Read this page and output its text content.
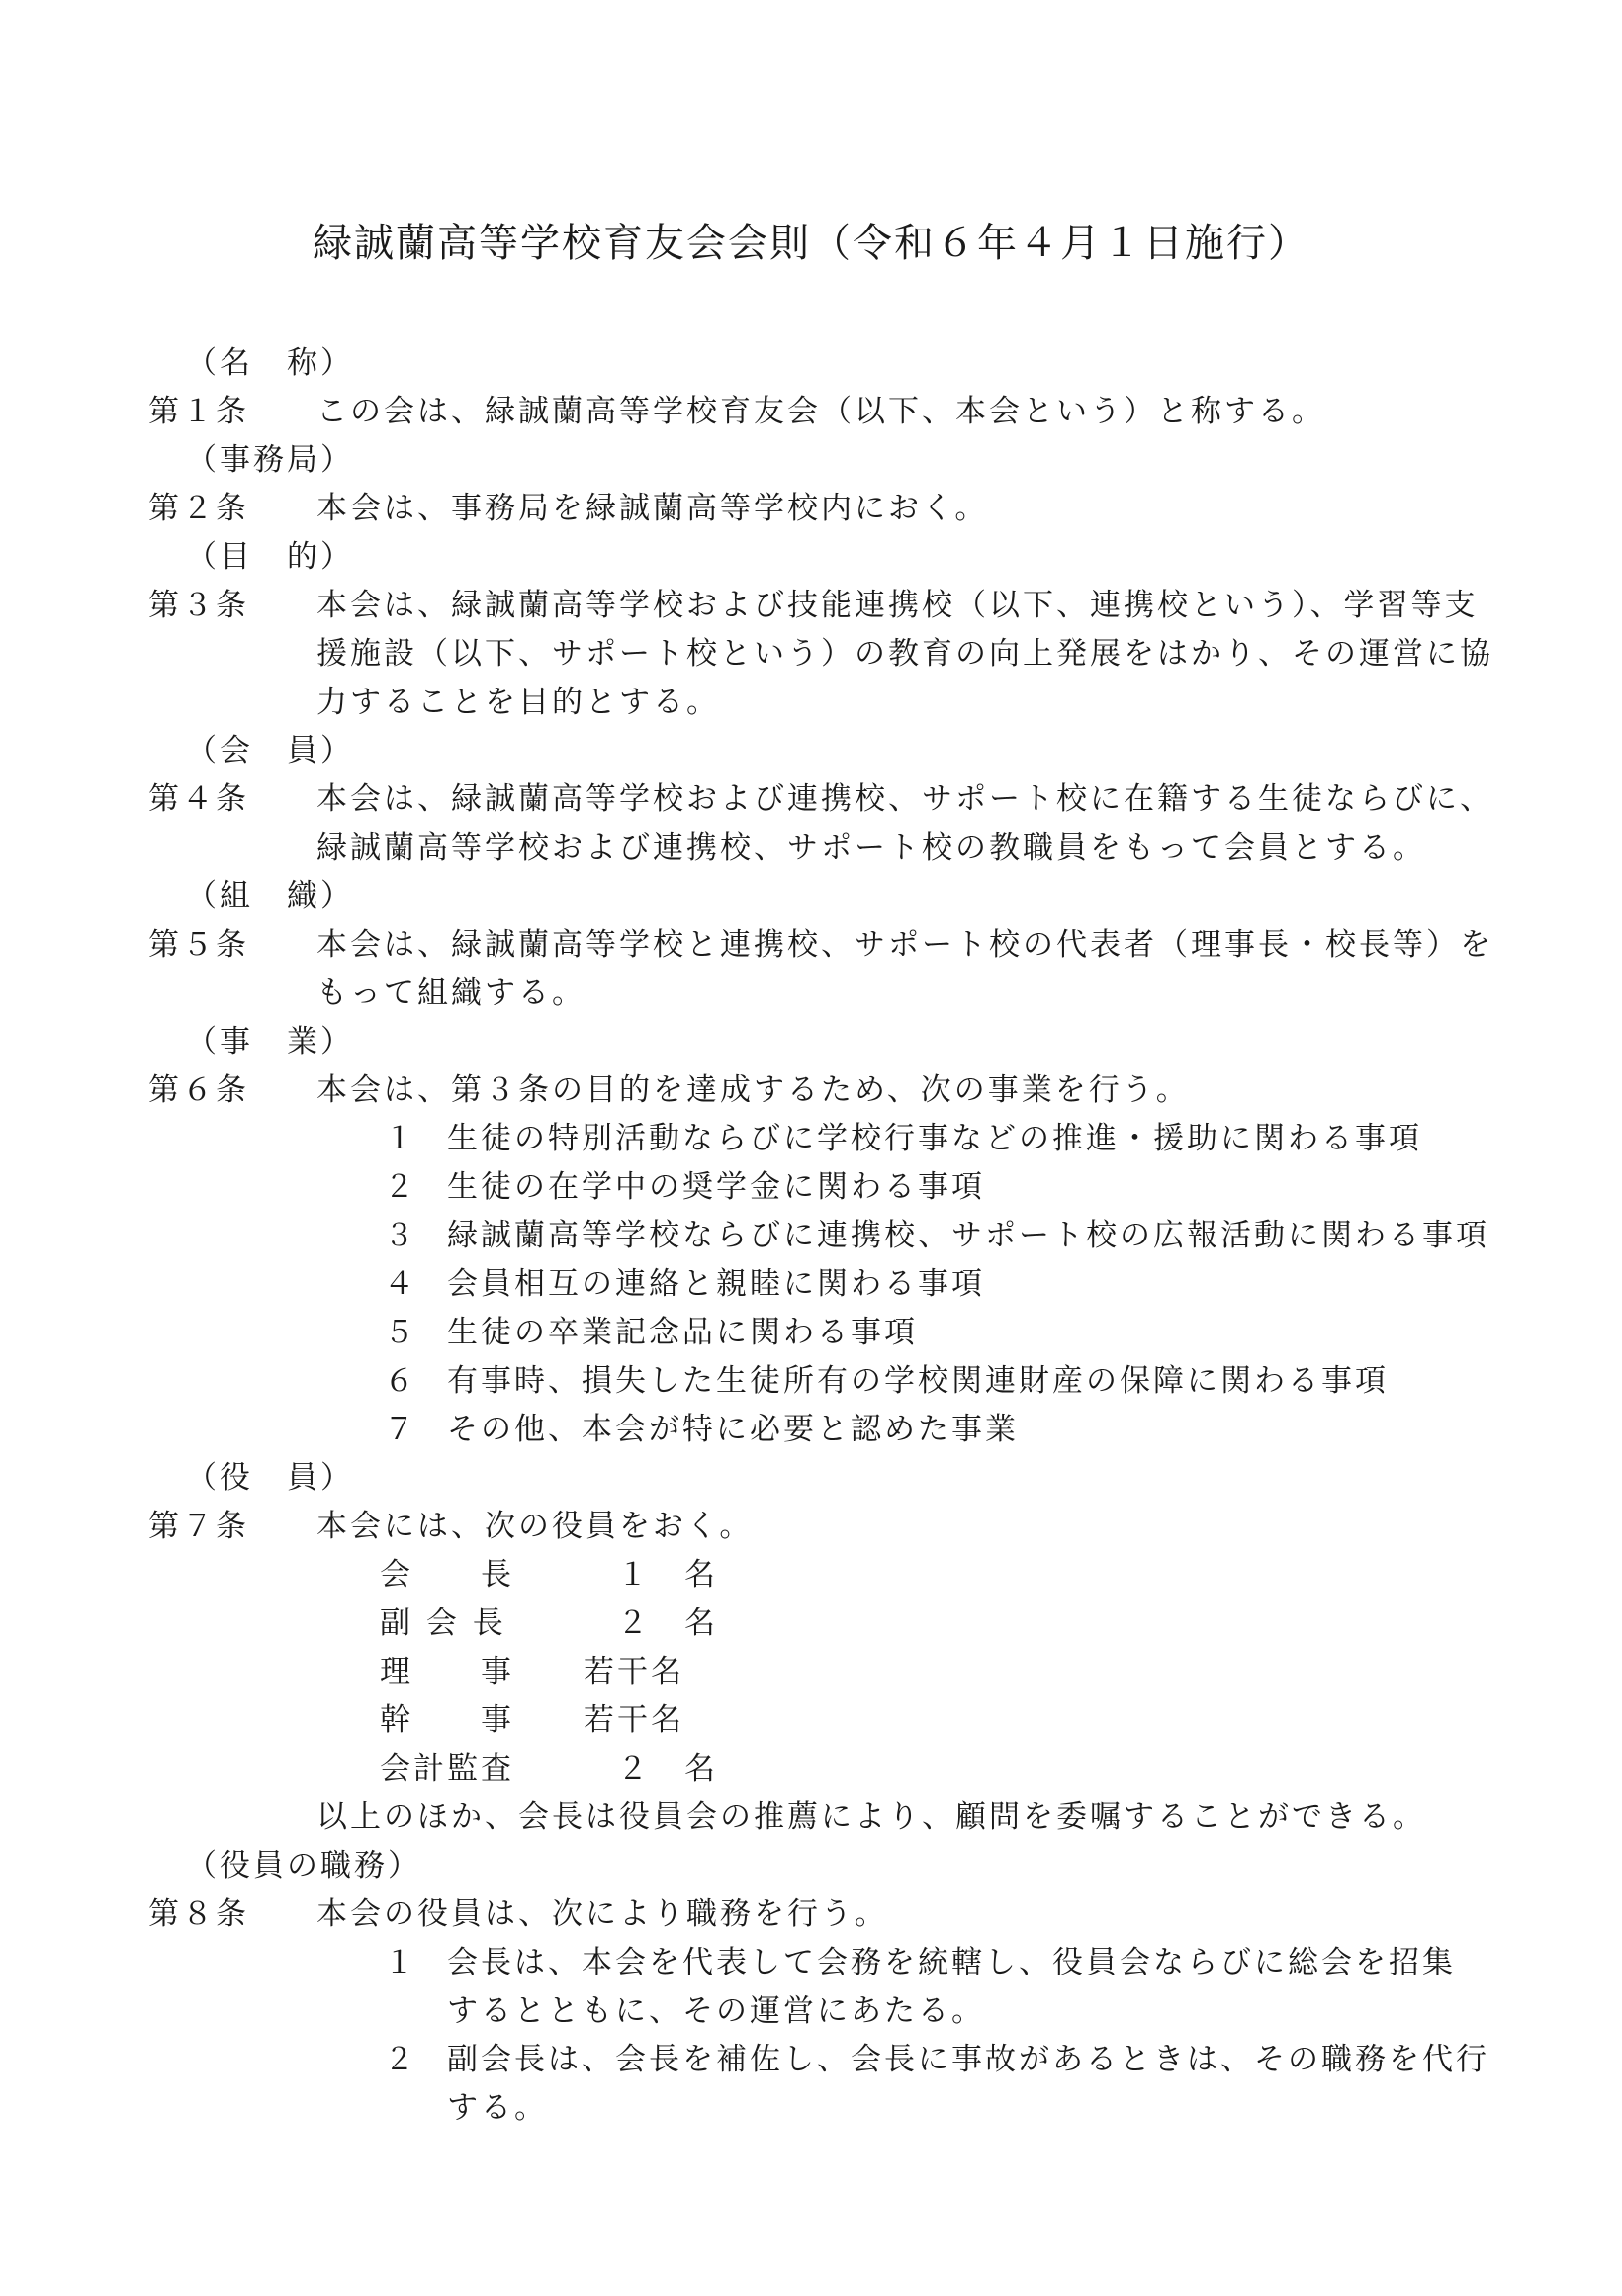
緑誠蘭高等学校育友会会則（令和６年４月１日施行）
（名　称）
第１条 この会は、緑誠蘭高等学校育友会（以下、本会という）と称する。
（事務局）
第２条 本会は、事務局を緑誠蘭高等学校内におく。
（目　的）
第３条 本会は、緑誠蘭高等学校および技能連携校（以下、連携校という）、学習等支
援施設（以下、サポート校という）の教育の向上発展をはかり、その運営に協
力することを目的とする。
（会　員）
第４条 本会は、緑誠蘭高等学校および連携校、サポート校に在籍する生徒ならびに、
緑誠蘭高等学校および連携校、サポート校の教職員をもって会員とする。
（組　織）
第５条 本会は、緑誠蘭高等学校と連携校、サポート校の代表者（理事長・校長等）を
もって組織する。
（事　業）
第６条 本会は、第３条の目的を達成するため、次の事業を行う。
１ 生徒の特別活動ならびに学校行事などの推進・援助に関わる事項
２ 生徒の在学中の奨学金に関わる事項
３ 緑誠蘭高等学校ならびに連携校、サポート校の広報活動に関わる事項
４ 会員相互の連絡と親睦に関わる事項
５ 生徒の卒業記念品に関わる事項
６ 有事時、損失した生徒所有の学校関連財産の保障に関わる事項
７ その他、本会が特に必要と認めた事業
（役　員）
第７条 本会には、次の役員をおく。
会　　長 　１　名
副 会 長	　２　名
理　　事 若干名
幹　　事 若干名
会計監査 　２　名
以上のほか、会長は役員会の推薦により、顧問を委嘱することができる。
（役員の職務）
第８条 本会の役員は、次により職務を行う。
１ 会長は、本会を代表して会務を統轄し、役員会ならびに総会を招集
するとともに、その運営にあたる。
２ 副会長は、会長を補佐し、会長に事故があるときは、その職務を代行
する。
